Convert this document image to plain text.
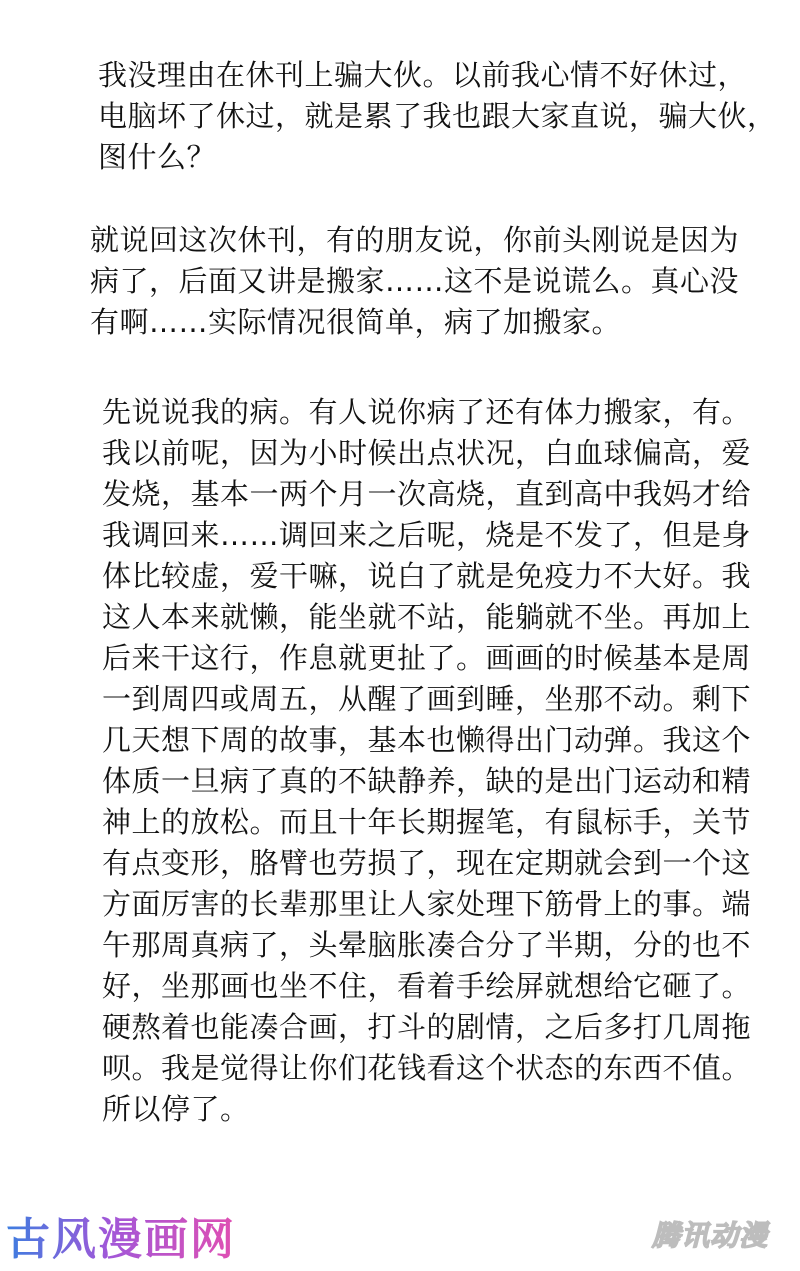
我没理由在休刊上骗大伙。以前我心情不好休过，
电脑坏了休过，就是累了我也跟大家直说，骗大伙，
图什么？
就说回这次休刊，有的朋友说，你前头刚说是因为
病了，后面又讲是搬家……这不是说谎么。真心没
有啊……实际情况很简单，病了加搬家。
先说说我的病。有人说你病了还有体力搬家，有。
我以前呢，因为小时候出点状况，白血球偏高，爱
发烧，基本一两个月一次高烧，直到高中我妈才给
我调回来……调回来之后呢，烧是不发了，但是身
体比较虚，爱干嘛，说白了就是免疫力不大好。我
这人本来就懒，能坐就不站，能躺就不坐。再加上
后来干这行，作息就更扯了。画画的时候基本是周
一到周四或周五，从醒了画到睡，坐那不动。剩下
几天想下周的故事，基本也懒得出门动弹。我这个
体质一旦病了真的不缺静养，缺的是出门运动和精
神上的放松。而且十年长期握笔，有鼠标手，关节
有点变形，胳臂也劳损了，现在定期就会到一个这
方面厉害的长辈那里让人家处理下筋骨上的事。端
午那周真病了，头晕脑胀凑合分了半期，分的也不
好，坐那画也坐不住，看着手绘屏就想给它砸了。
硬熬着也能凑合画，打斗的剧情，之后多打几周拖
呗。我是觉得让你们花钱看这个状态的东西不值。
所以停了。
古风漫画网	腾讯动漫
